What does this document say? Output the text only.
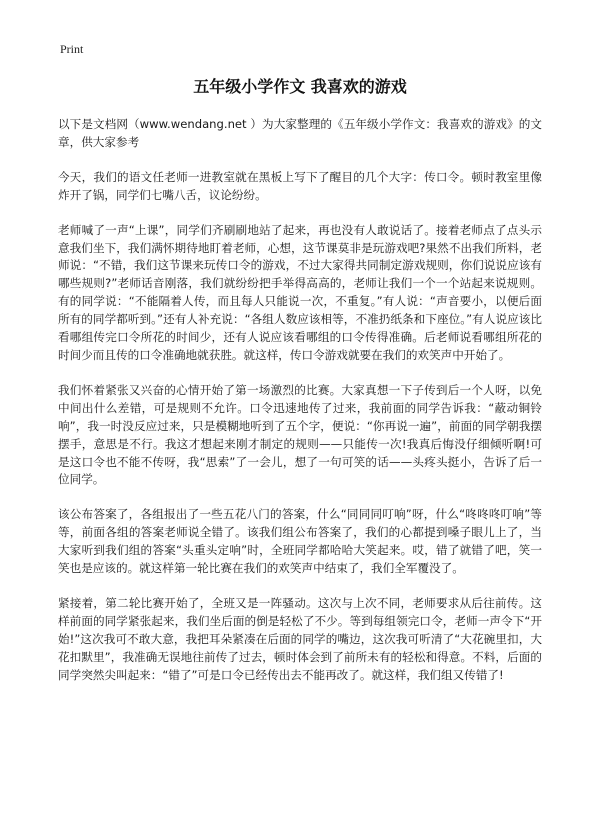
Print
五年级小学作文 我喜欢的游戏

以下是文档网（www.wendang.net ）为大家整理的《五年级小学作文：我喜欢的游戏》的文章，供大家参考

今天，我们的语文任老师一进教室就在黑板上写下了醒目的几个大字：传口令。顿时教室里像炸开了锅，同学们七嘴八舌，议论纷纷。

老师喊了一声“上课”，同学们齐刷刷地站了起来，再也没有人敢说话了。接着老师点了点头示意我们坐下，我们满怀期待地盯着老师，心想，这节课莫非是玩游戏吧?果然不出我们所料，老师说：“不错，我们这节课来玩传口令的游戏，不过大家得共同制定游戏规则，你们说说应该有哪些规则?”老师话音刚落，我们就纷纷把手举得高高的，老师让我们一个一个站起来说规则。有的同学说：“不能隔着人传，而且每人只能说一次，不重复。”有人说：“声音要小，以便后面所有的同学都听到。”还有人补充说：“各组人数应该相等，不准扔纸条和下座位。”有人说应该比看哪组传完口令所花的时间少，还有人说应该看哪组的口令传得准确。后老师说看哪组所花的时间少而且传的口令准确地就获胜。就这样，传口令游戏就要在我们的欢笑声中开始了。

我们怀着紧张又兴奋的心情开始了第一场激烈的比赛。大家真想一下子传到后一个人呀，以免中间出什么差错，可是规则不允许。口令迅速地传了过来，我前面的同学告诉我：“蔽动铜铃响”，我一时没反应过来，只是模糊地听到了五个字，便说：“你再说一遍”，前面的同学朝我摆摆手，意思是不行。我这才想起来刚才制定的规则——只能传一次!我真后悔没仔细倾听啊!可是这口令也不能不传呀，我“思索”了一会儿，想了一句可笑的话——头疼头挺小，告诉了后一位同学。

该公布答案了，各组报出了一些五花八门的答案，什么“同同同叮响”呀，什么“咚咚咚叮响”等等，前面各组的答案老师说全错了。该我们组公布答案了，我们的心都提到嗓子眼儿上了，当大家听到我们组的答案“头重头定响”时，全班同学都哈哈大笑起来。哎，错了就错了吧，笑一笑也是应该的。就这样第一轮比赛在我们的欢笑声中结束了，我们全军覆没了。

紧接着，第二轮比赛开始了，全班又是一阵骚动。这次与上次不同，老师要求从后往前传。这样前面的同学紧张起来，我们坐后面的倒是轻松了不少。等到每组领完口令，老师一声令下“开始!”这次我可不敢大意，我把耳朵紧凑在后面的同学的嘴边，这次我可听清了“大花碗里扣，大花扣默里”，我准确无误地往前传了过去，顿时体会到了前所未有的轻松和得意。不料，后面的同学突然尖叫起来：“错了”可是口令已经传出去不能再改了。就这样，我们组又传错了!
